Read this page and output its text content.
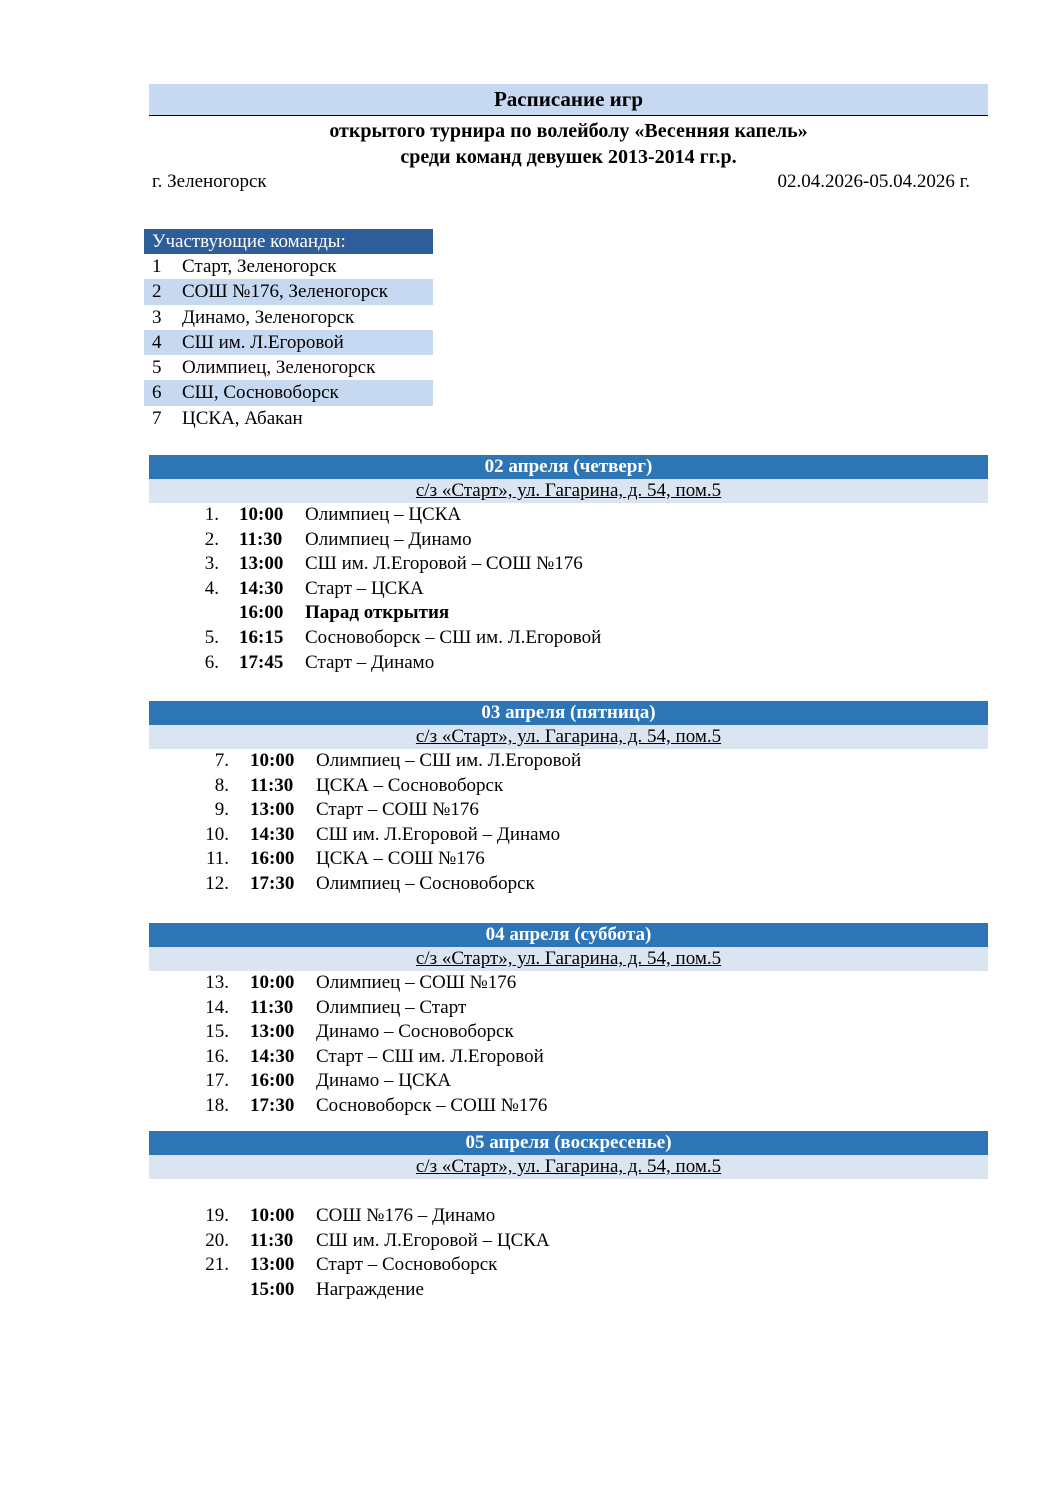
Расписание игр
открытого турнира по волейболу «Весенняя капель»
среди команд девушек 2013-2014 гг.р.
г. Зеленогорск	02.04.2026-05.04.2026 г.
Участвующие команды:
1	Старт, Зеленогорск
2	СОШ №176, Зеленогорск
3	Динамо, Зеленогорск
4	СШ им. Л.Егоровой
5	Олимпиец, Зеленогорск
6	СШ, Сосновоборск
7	ЦСКА, Абакан
02 апреля (четверг)
с/з «Старт», ул. Гагарина, д. 54, пом.5
1. 10:00 Олимпиец – ЦСКА
2. 11:30 Олимпиец – Динамо
3. 13:00 СШ им. Л.Егоровой – СОШ №176
4. 14:30 Старт – ЦСКА
16:00 Парад открытия
5. 16:15 Сосновоборск – СШ им. Л.Егоровой
6. 17:45 Старт – Динамо
03 апреля (пятница)
с/з «Старт», ул. Гагарина, д. 54, пом.5
7. 10:00 Олимпиец – СШ им. Л.Егоровой
8. 11:30 ЦСКА – Сосновоборск
9. 13:00 Старт – СОШ №176
10. 14:30 СШ им. Л.Егоровой – Динамо
11. 16:00 ЦСКА – СОШ №176
12. 17:30 Олимпиец – Сосновоборск
04 апреля (суббота)
с/з «Старт», ул. Гагарина, д. 54, пом.5
13. 10:00 Олимпиец – СОШ №176
14. 11:30 Олимпиец – Старт
15. 13:00 Динамо – Сосновоборск
16. 14:30 Старт – СШ им. Л.Егоровой
17. 16:00 Динамо – ЦСКА
18. 17:30 Сосновоборск – СОШ №176
05 апреля (воскресенье)
с/з «Старт», ул. Гагарина, д. 54, пом.5
19. 10:00 СОШ №176 – Динамо
20. 11:30 СШ им. Л.Егоровой – ЦСКА
21. 13:00 Старт – Сосновоборск
15:00 Награждение
